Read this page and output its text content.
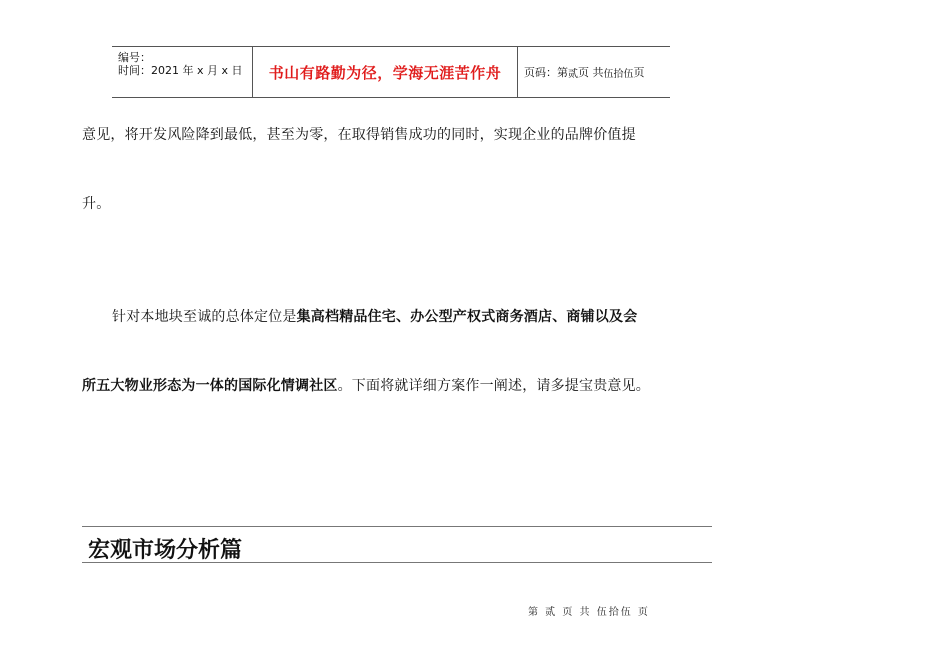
编号：
时间：2021 年 x 月 x 日	书山有路勤为径，学海无涯苦作舟	页码：第 贰 页 共 伍拾伍 页
意见，将开发风险降到最低，甚至为零，在取得销售成功的同时，实现企业的品牌价值提
升。
针对本地块至诚的总体定位是集高档精品住宅、办公型产权式商务酒店、商铺以及会
所五大物业形态为一体的国际化情调社区。下面将就详细方案作一阐述，请多提宝贵意见。
宏观市场分析篇
第 贰 页 共 伍拾伍 页
